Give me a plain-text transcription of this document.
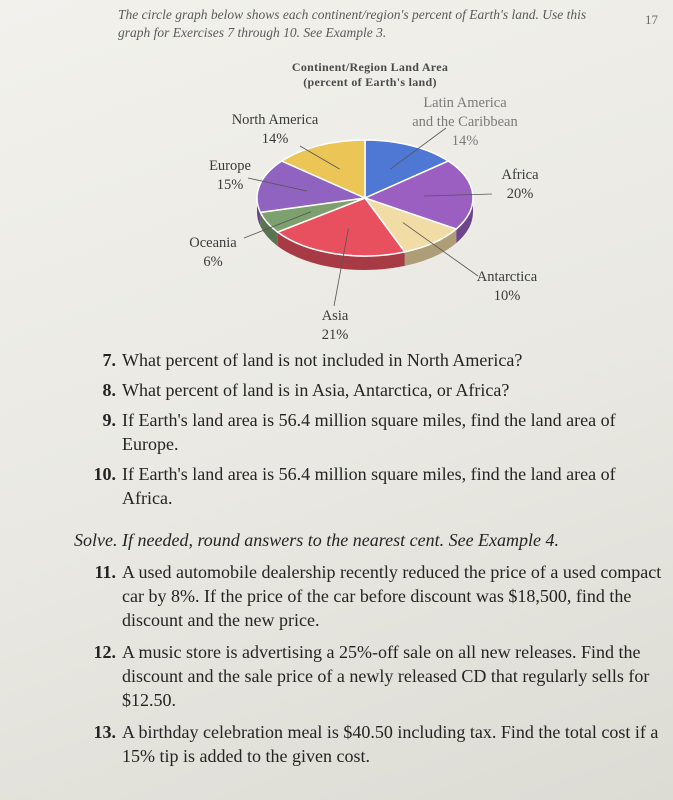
The circle graph below shows each continent/region's percent of Earth's land. Use this graph for Exercises 7 through 10. See Example 3.

17
Continent/Region Land Area
(percent of Earth's land)
Latin America
and the Caribbean
14%
North America
14%
Africa
20%
Europe
15%
Oceania
6%
Antarctica
10%
Asia
21%
7. What percent of land is not included in North America?
8. What percent of land is in Asia, Antarctica, or Africa?
9. If Earth's land area is 56.4 million square miles, find the land area of Europe.
10. If Earth's land area is 56.4 million square miles, find the land area of Africa.
Solve. If needed, round answers to the nearest cent. See Example 4.
11. A used automobile dealership recently reduced the price of a used compact car by 8%. If the price of the car before discount was $18,500, find the discount and the new price.
12. A music store is advertising a 25%-off sale on all new releases. Find the discount and the sale price of a newly released CD that regularly sells for $12.50.
13. A birthday celebration meal is $40.50 including tax. Find the total cost if a 15% tip is added to the given cost.
